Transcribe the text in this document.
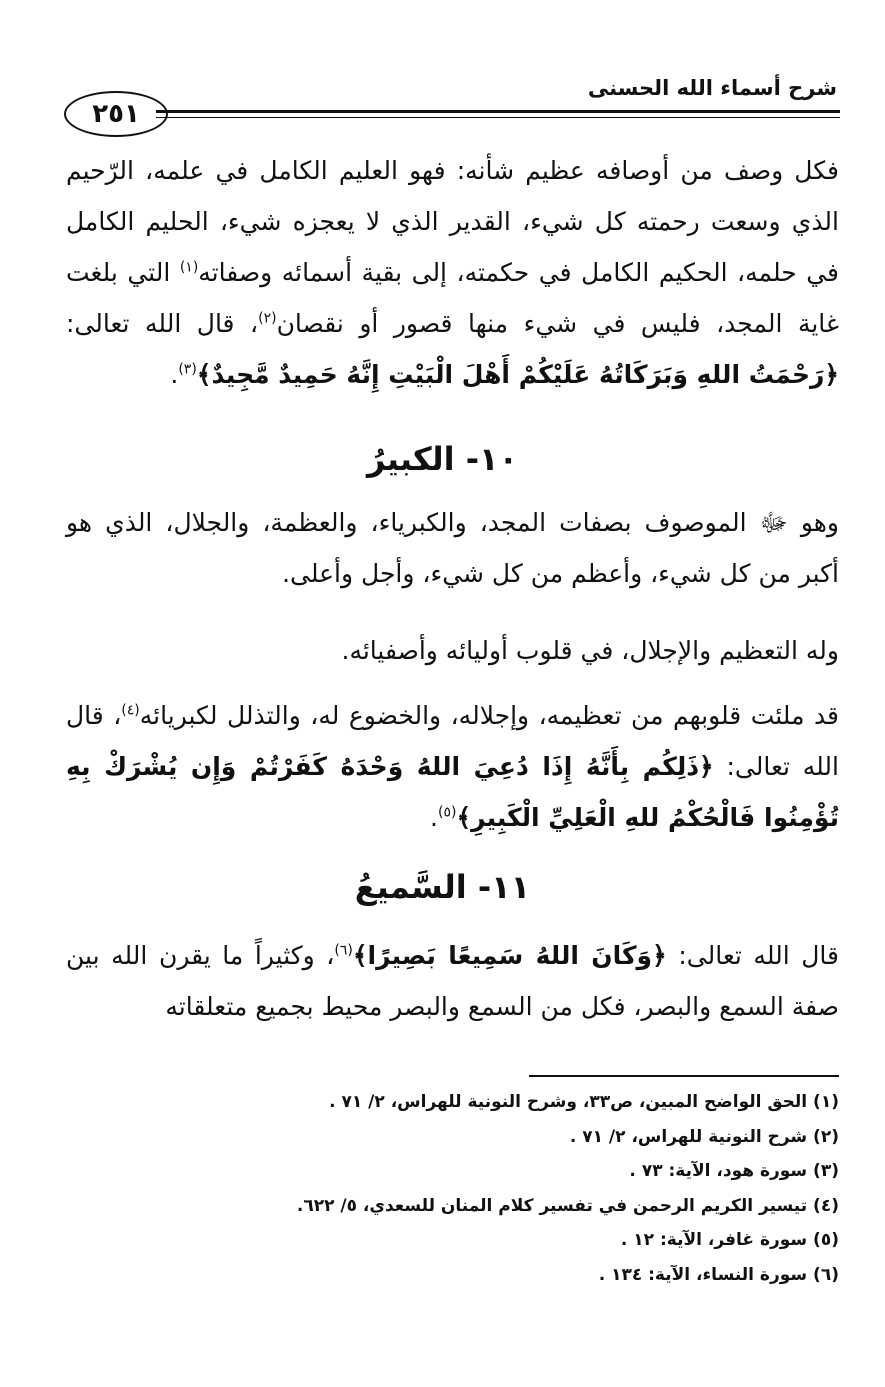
شرح أسماء الله الحسنى
٢٥١
فكل وصف من أوصافه عظيم شأنه: فهو العليم الكامل في علمه، الرّحيم الذي وسعت رحمته كل شيء، القدير الذي لا يعجزه شيء، الحليم الكامل في حلمه، الحكيم الكامل في حكمته، إلى بقية أسمائه وصفاته$^{(١)}$ التي بلغت غاية المجد، فليس في شيء منها قصور أو نقصان$^{(٢)}$، قال الله تعالى: ﴿رَحْمَتُ اللهِ وَبَرَكَاتُهُ عَلَيْكُمْ أَهْلَ الْبَيْتِ إِنَّهُ حَمِيدٌ مَّجِيدٌ﴾$^{(٣)}$.
١٠- الكبيرُ
وهو ﷻ الموصوف بصفات المجد، والكبرياء، والعظمة، والجلال، الذي هو أكبر من كل شيء، وأعظم من كل شيء، وأجل وأعلى.
وله التعظيم والإجلال، في قلوب أوليائه وأصفيائه.
قد ملئت قلوبهم من تعظيمه، وإجلاله، والخضوع له، والتذلل لكبريائه$^{(٤)}$، قال الله تعالى: ﴿ذَلِكُم بِأَنَّهُ إِذَا دُعِيَ اللهُ وَحْدَهُ كَفَرْتُمْ وَإِن يُشْرَكْ بِهِ تُؤْمِنُوا فَالْحُكْمُ للهِ الْعَلِيِّ الْكَبِيرِ﴾$^{(٥)}$.
١١- السَّميعُ
قال الله تعالى: ﴿وَكَانَ اللهُ سَمِيعًا بَصِيرًا﴾$^{(٦)}$، وكثيراً ما يقرن الله بين صفة السمع والبصر، فكل من السمع والبصر محيط بجميع متعلقاته
(١) الحق الواضح المبين، ص٣٣، وشرح النونية للهراس، ٢/ ٧١ .
(٢) شرح النونية للهراس، ٢/ ٧١ .
(٣) سورة هود، الآية: ٧٣ .
(٤) تيسير الكريم الرحمن في تفسير كلام المنان للسعدي، ٥/ ٦٢٢.
(٥) سورة غافر، الآية: ١٢ .
(٦) سورة النساء، الآية: ١٣٤ .
